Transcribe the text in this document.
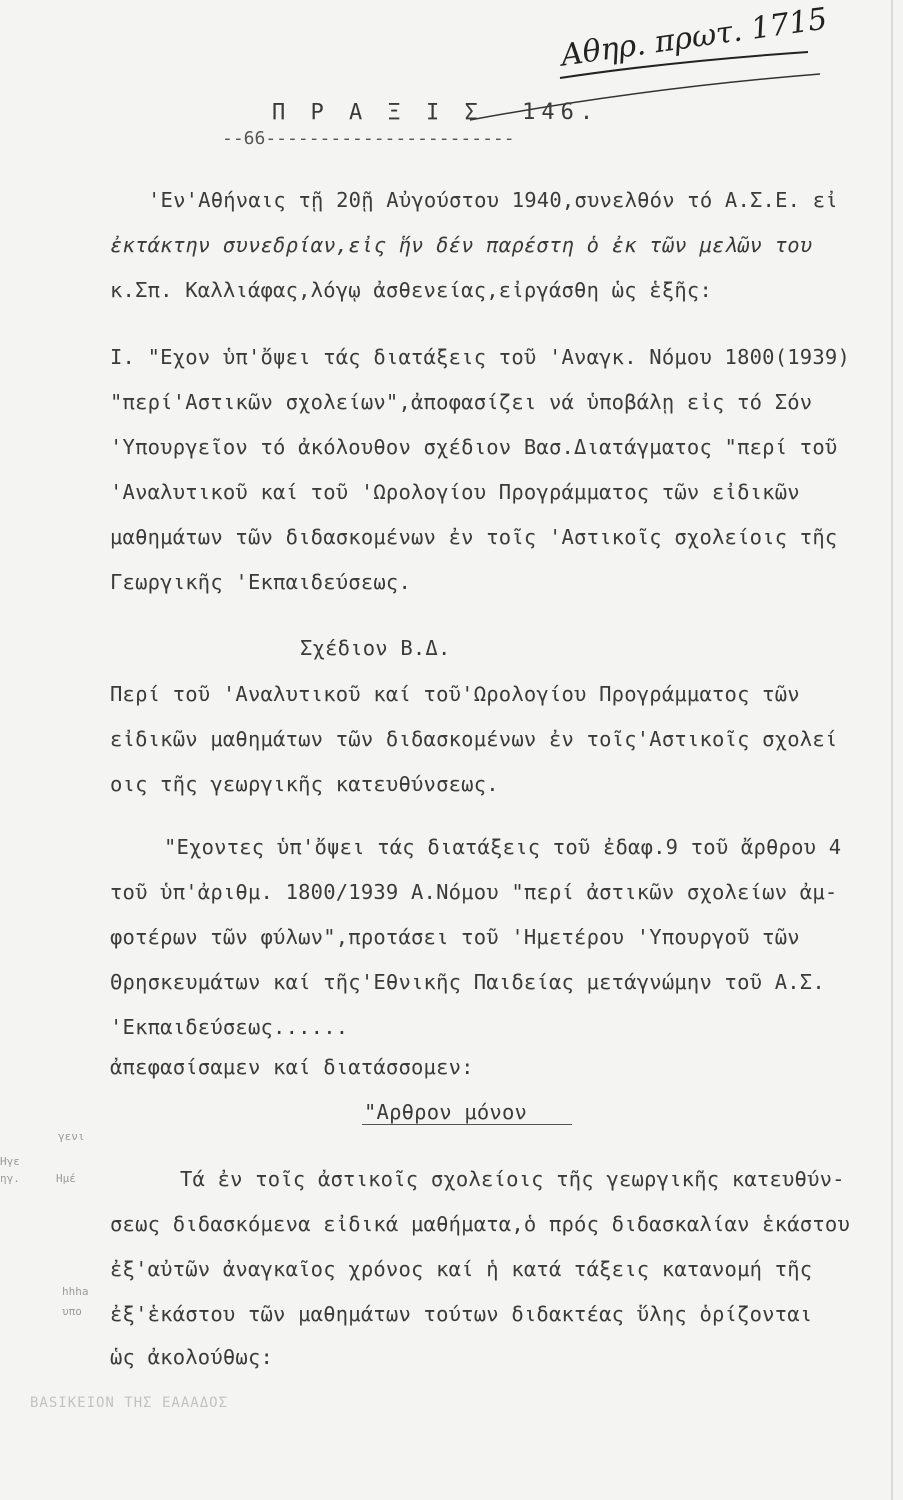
Αθηρ. πρωτ. 1715
Π Ρ Α Ξ Ι Σ  146.
--66-----------------------
'Εν'Αθήναις τῇ 20ῇ Αὐγούστου 1940,συνελθόν τό Α.Σ.Ε. εἰ
ἐκτάκτην συνεδρίαν,εἰς ἥν δέν παρέστη ὁ ἐκ τῶν μελῶν του
κ.Σπ. Καλλιάφας,λόγῳ ἀσθενείας,εἰργάσθη ὡς ἑξῆς:
Ι. "Εχον ὑπ'ὄψει τάς διατάξεις τοῦ 'Αναγκ. Νόμου 1800(1939)
"περί'Αστικῶν σχολείων",ἀποφασίζει νά ὑποβάλῃ εἰς τό Σόν
'Υπουργεῖον τό ἀκόλουθον σχέδιον Βασ.Διατάγματος "περί τοῦ
'Αναλυτικοῦ καί τοῦ 'Ωρολογίου Προγράμματος τῶν εἰδικῶν
μαθημάτων τῶν διδασκομένων ἐν τοῖς 'Αστικοῖς σχολείοις τῆς
Γεωργικῆς 'Εκπαιδεύσεως.
Σχέδιον Β.Δ.
Περί τοῦ 'Αναλυτικοῦ καί τοῦ'Ωρολογίου Προγράμματος τῶν
εἰδικῶν μαθημάτων τῶν διδασκομένων ἐν τοῖς'Αστικοῖς σχολεί
οις τῆς γεωργικῆς κατευθύνσεως.
"Εχοντες ὑπ'ὄψει τάς διατάξεις τοῦ ἐδαφ.9 τοῦ ἄρθρου 4
τοῦ ὑπ'ἀριθμ. 1800/1939 Α.Νόμου "περί ἀστικῶν σχολείων ἀμ-
φοτέρων τῶν φύλων",προτάσει τοῦ 'Ημετέρου 'Υπουργοῦ τῶν
Θρησκευμάτων καί τῆς'Εθνικῆς Παιδείας μετάγνώμην τοῦ Α.Σ.
'Εκπαιδεύσεως......
ἀπεφασίσαμεν καί διατάσσομεν:
"Αρθρον μόνον
Τά ἐν τοῖς ἀστικοῖς σχολείοις τῆς γεωργικῆς κατευθύν-
σεως διδασκόμενα εἰδικά μαθήματα,ὁ πρός διδασκαλίαν ἑκάστου
ἐξ'αὐτῶν ἀναγκαῖος χρόνος καί ἡ κατά τάξεις κατανομή τῆς
ἐξ'ἑκάστου τῶν μαθημάτων τούτων διδακτέας ὕλης ὁρίζονται
ὡς ἀκολούθως:
γενι
Ηγε
ηγ.	Ημέ
hhha
υπο
BASIKEION THΣ EAAAΔOΣ
